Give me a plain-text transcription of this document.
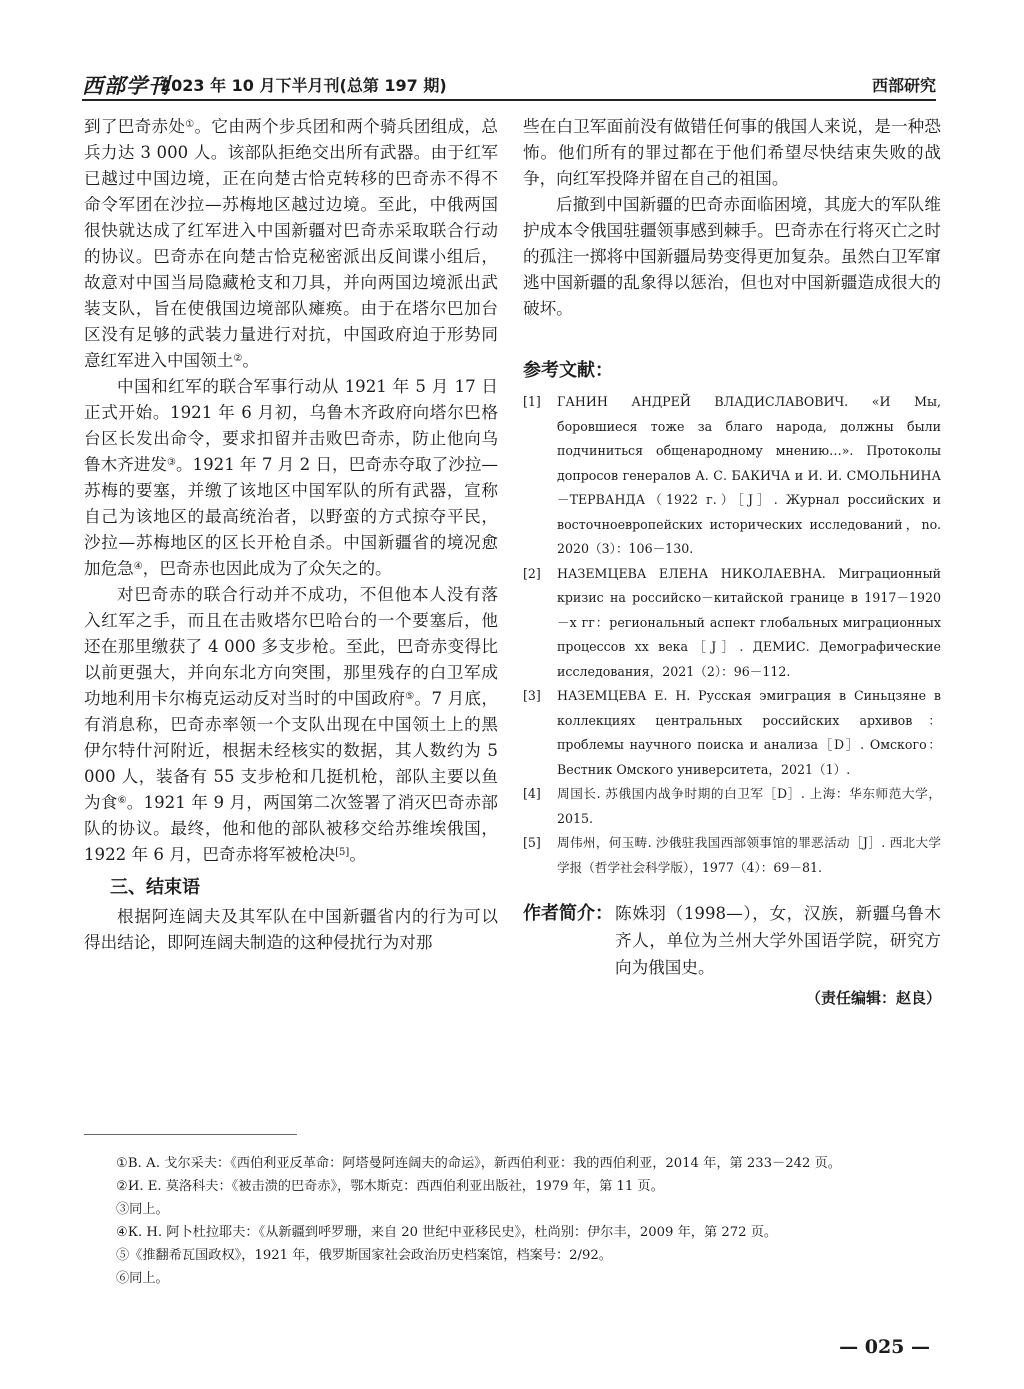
西部学刊
2023 年 10 月下半月刊(总第 197 期)	西部研究

到了巴奇赤处①。它由两个步兵团和两个骑兵团组成，总兵力达 3 000 人。该部队拒绝交出所有武器。由于红军已越过中国边境，正在向楚古恰克转移的巴奇赤不得不命令军团在沙拉—苏梅地区越过边境。至此，中俄两国很快就达成了红军进入中国新疆对巴奇赤采取联合行动的协议。巴奇赤在向楚古恰克秘密派出反间谍小组后，故意对中国当局隐藏枪支和刀具，并向两国边境派出武装支队，旨在使俄国边境部队瘫痪。由于在塔尔巴加台区没有足够的武装力量进行对抗，中国政府迫于形势同意红军进入中国领土②。

中国和红军的联合军事行动从 1921 年 5 月 17 日正式开始。1921 年 6 月初，乌鲁木齐政府向塔尔巴格台区长发出命令，要求扣留并击败巴奇赤，防止他向乌鲁木齐进发③。1921 年 7 月 2 日，巴奇赤夺取了沙拉—苏梅的要塞，并缴了该地区中国军队的所有武器，宣称自己为该地区的最高统治者，以野蛮的方式掠夺平民，沙拉—苏梅地区的区长开枪自杀。中国新疆省的境况愈加危急④，巴奇赤也因此成为了众矢之的。

对巴奇赤的联合行动并不成功，不但他本人没有落入红军之手，而且在击败塔尔巴哈台的一个要塞后，他还在那里缴获了 4 000 多支步枪。至此，巴奇赤变得比以前更强大，并向东北方向突围，那里残存的白卫军成功地利用卡尔梅克运动反对当时的中国政府⑤。7 月底，有消息称，巴奇赤率领一个支队出现在中国领土上的黑伊尔特什河附近，根据未经核实的数据，其人数约为 5 000 人，装备有 55 支步枪和几挺机枪，部队主要以鱼为食⑥。1921 年 9 月，两国第二次签署了消灭巴奇赤部队的协议。最终，他和他的部队被移交给苏维埃俄国，1922 年 6 月，巴奇赤将军被枪决[5]。

三、结束语

根据阿连阔夫及其军队在中国新疆省内的行为可以得出结论，即阿连阔夫制造的这种侵扰行为对那

些在白卫军面前没有做错任何事的俄国人来说，是一种恐怖。他们所有的罪过都在于他们希望尽快结束失败的战争，向红军投降并留在自己的祖国。

后撤到中国新疆的巴奇赤面临困境，其庞大的军队维护成本令俄国驻疆领事感到棘手。巴奇赤在行将灭亡之时的孤注一掷将中国新疆局势变得更加复杂。虽然白卫军窜逃中国新疆的乱象得以惩治，但也对中国新疆造成很大的破坏。

参考文献：
[1] ГАНИН АНДРЕЙ ВЛАДИСЛАВОВИЧ. «И Мы, боровшиеся тоже за благо народа, должны были подчиниться общенародному мнению…». Протоколы допросов генералов А. С. БАКИЧА и И. И. СМОЛЬНИНА－ТЕРВАНДА（1922 г.）［J］. Журнал российских и восточноевропейских исторических исследований，no. 2020（3）：106－130.
[2] НАЗЕМЦЕВА ЕЛЕНА НИКОЛАЕВНА. Миграционный кризис на российско－китайской границе в 1917－1920－х гг：региональный аспект глобальных миграционных процессов xx века［J］. ДЕМИС. Демографические исследования，2021（2）：96－112.
[3] НАЗЕМЦЕВА Е. Н. Русская эмиграция в Синьцзяне в коллекциях центральных российских архивов：проблемы научного поиска и анализа［D］. Омского：Вестник Омского университета，2021（1）.
[4] 周国长. 苏俄国内战争时期的白卫军［D］. 上海：华东师范大学，2015.
[5] 周伟州，何玉畴. 沙俄驻我国西部领事馆的罪恶活动［J］. 西北大学学报（哲学社会科学版），1977（4）：69－81.
作者简介： 陈姝羽（1998—），女，汉族，新疆乌鲁木齐人，单位为兰州大学外国语学院，研究方向为俄国史。

（责任编辑：赵良）
①В. А. 戈尔采夫：《西伯利亚反革命：阿塔曼阿连阔夫的命运》，新西伯利亚：我的西伯利亚，2014 年，第 233－242 页。
②И. Е. 莫洛科夫：《被击溃的巴奇赤》，鄂木斯克：西西伯利亚出版社，1979 年，第 11 页。
③同上。
④К. Н. 阿卜杜拉耶夫：《从新疆到呼罗珊，来自 20 世纪中亚移民史》，杜尚别：伊尔丰，2009 年，第 272 页。
⑤《推翻希瓦国政权》，1921 年，俄罗斯国家社会政治历史档案馆，档案号：2/92。
⑥同上。
— 025 —
